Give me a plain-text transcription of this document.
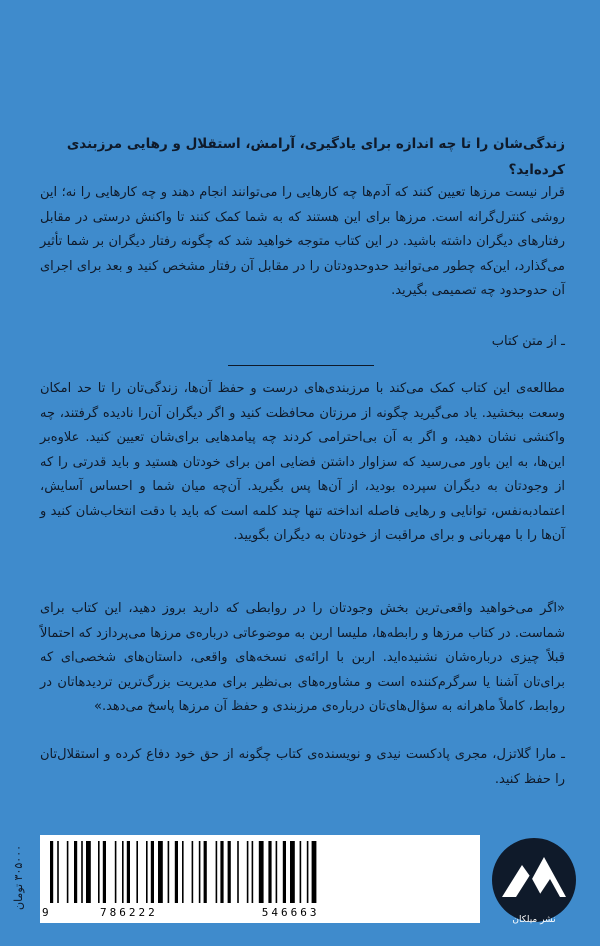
زندگی‌شان را تا چه اندازه برای یادگیری، آرامش، استقلال و رهایی مرزبندی کرده‌اید؟
قرار نیست مرزها تعیین کنند که آدم‌ها چه کارهایی را می‌توانند انجام دهند و چه کارهایی را نه؛ این روشی کنترل‌گرانه است. مرزها برای این هستند که به شما کمک کنند تا واکنش درستی در مقابل رفتارهای دیگران داشته باشید. در این کتاب متوجه خواهید شد که چگونه رفتار دیگران بر شما تأثیر می‌گذارد، این‌که چطور می‌توانید حدوحدودتان را در مقابل آن رفتار مشخص کنید و بعد برای اجرای آن حدوحدود چه تصمیمی بگیرید.
ـ از متن کتاب
مطالعه‌ی این کتاب کمک می‌کند با مرزبندی‌های درست و حفظ آن‌ها، زندگی‌تان را تا حد امکان وسعت ببخشید. یاد می‌گیرید چگونه از مرزتان محافظت کنید و اگر دیگران آن‌را نادیده گرفتند، چه واکنشی نشان دهید، و اگر به آن بی‌احترامی کردند چه پیامدهایی برای‌شان تعیین کنید. علاوه‌بر این‌ها، به این باور می‌رسید که سزاوار داشتن فضایی امن برای خودتان هستید و باید قدرتی را که از وجودتان به دیگران سپرده بودید، از آن‌ها پس بگیرید. آن‌چه میان شما و احساس آسایش، اعتمادبه‌نفس، توانایی و رهایی فاصله انداخته تنها چند کلمه است که باید با دقت انتخاب‌شان کنید و آن‌ها را با مهربانی و برای مراقبت از خودتان به دیگران بگویید.
«اگر می‌خواهید واقعی‌ترین بخش وجودتان را در روابطی که دارید بروز دهید، این کتاب برای شماست. در کتاب مرزها و رابطه‌ها، ملیسا اربن به موضوعاتی درباره‌ی مرزها می‌پردازد که احتمالاً قبلاً چیزی درباره‌شان نشنیده‌اید. اربن با ارائه‌ی نسخه‌های واقعی، داستان‌های شخصی‌ای که برای‌تان آشنا یا سرگرم‌کننده است و مشاوره‌های بی‌نظیر برای مدیریت بزرگ‌ترین تردیدهاتان در روابط، کاملاً ماهرانه به سؤال‌های‌تان درباره‌ی مرزبندی و حفظ آن مرزها پاسخ می‌دهد.»
ـ مارا گلاتزل، مجری پادکست نیدی و نویسنده‌ی کتاب چگونه از حق خود دفاع کرده و استقلال‌تان را حفظ کنید.
۳۰۵۰۰۰ تومان
9	786222	546663
نشر میلکان
